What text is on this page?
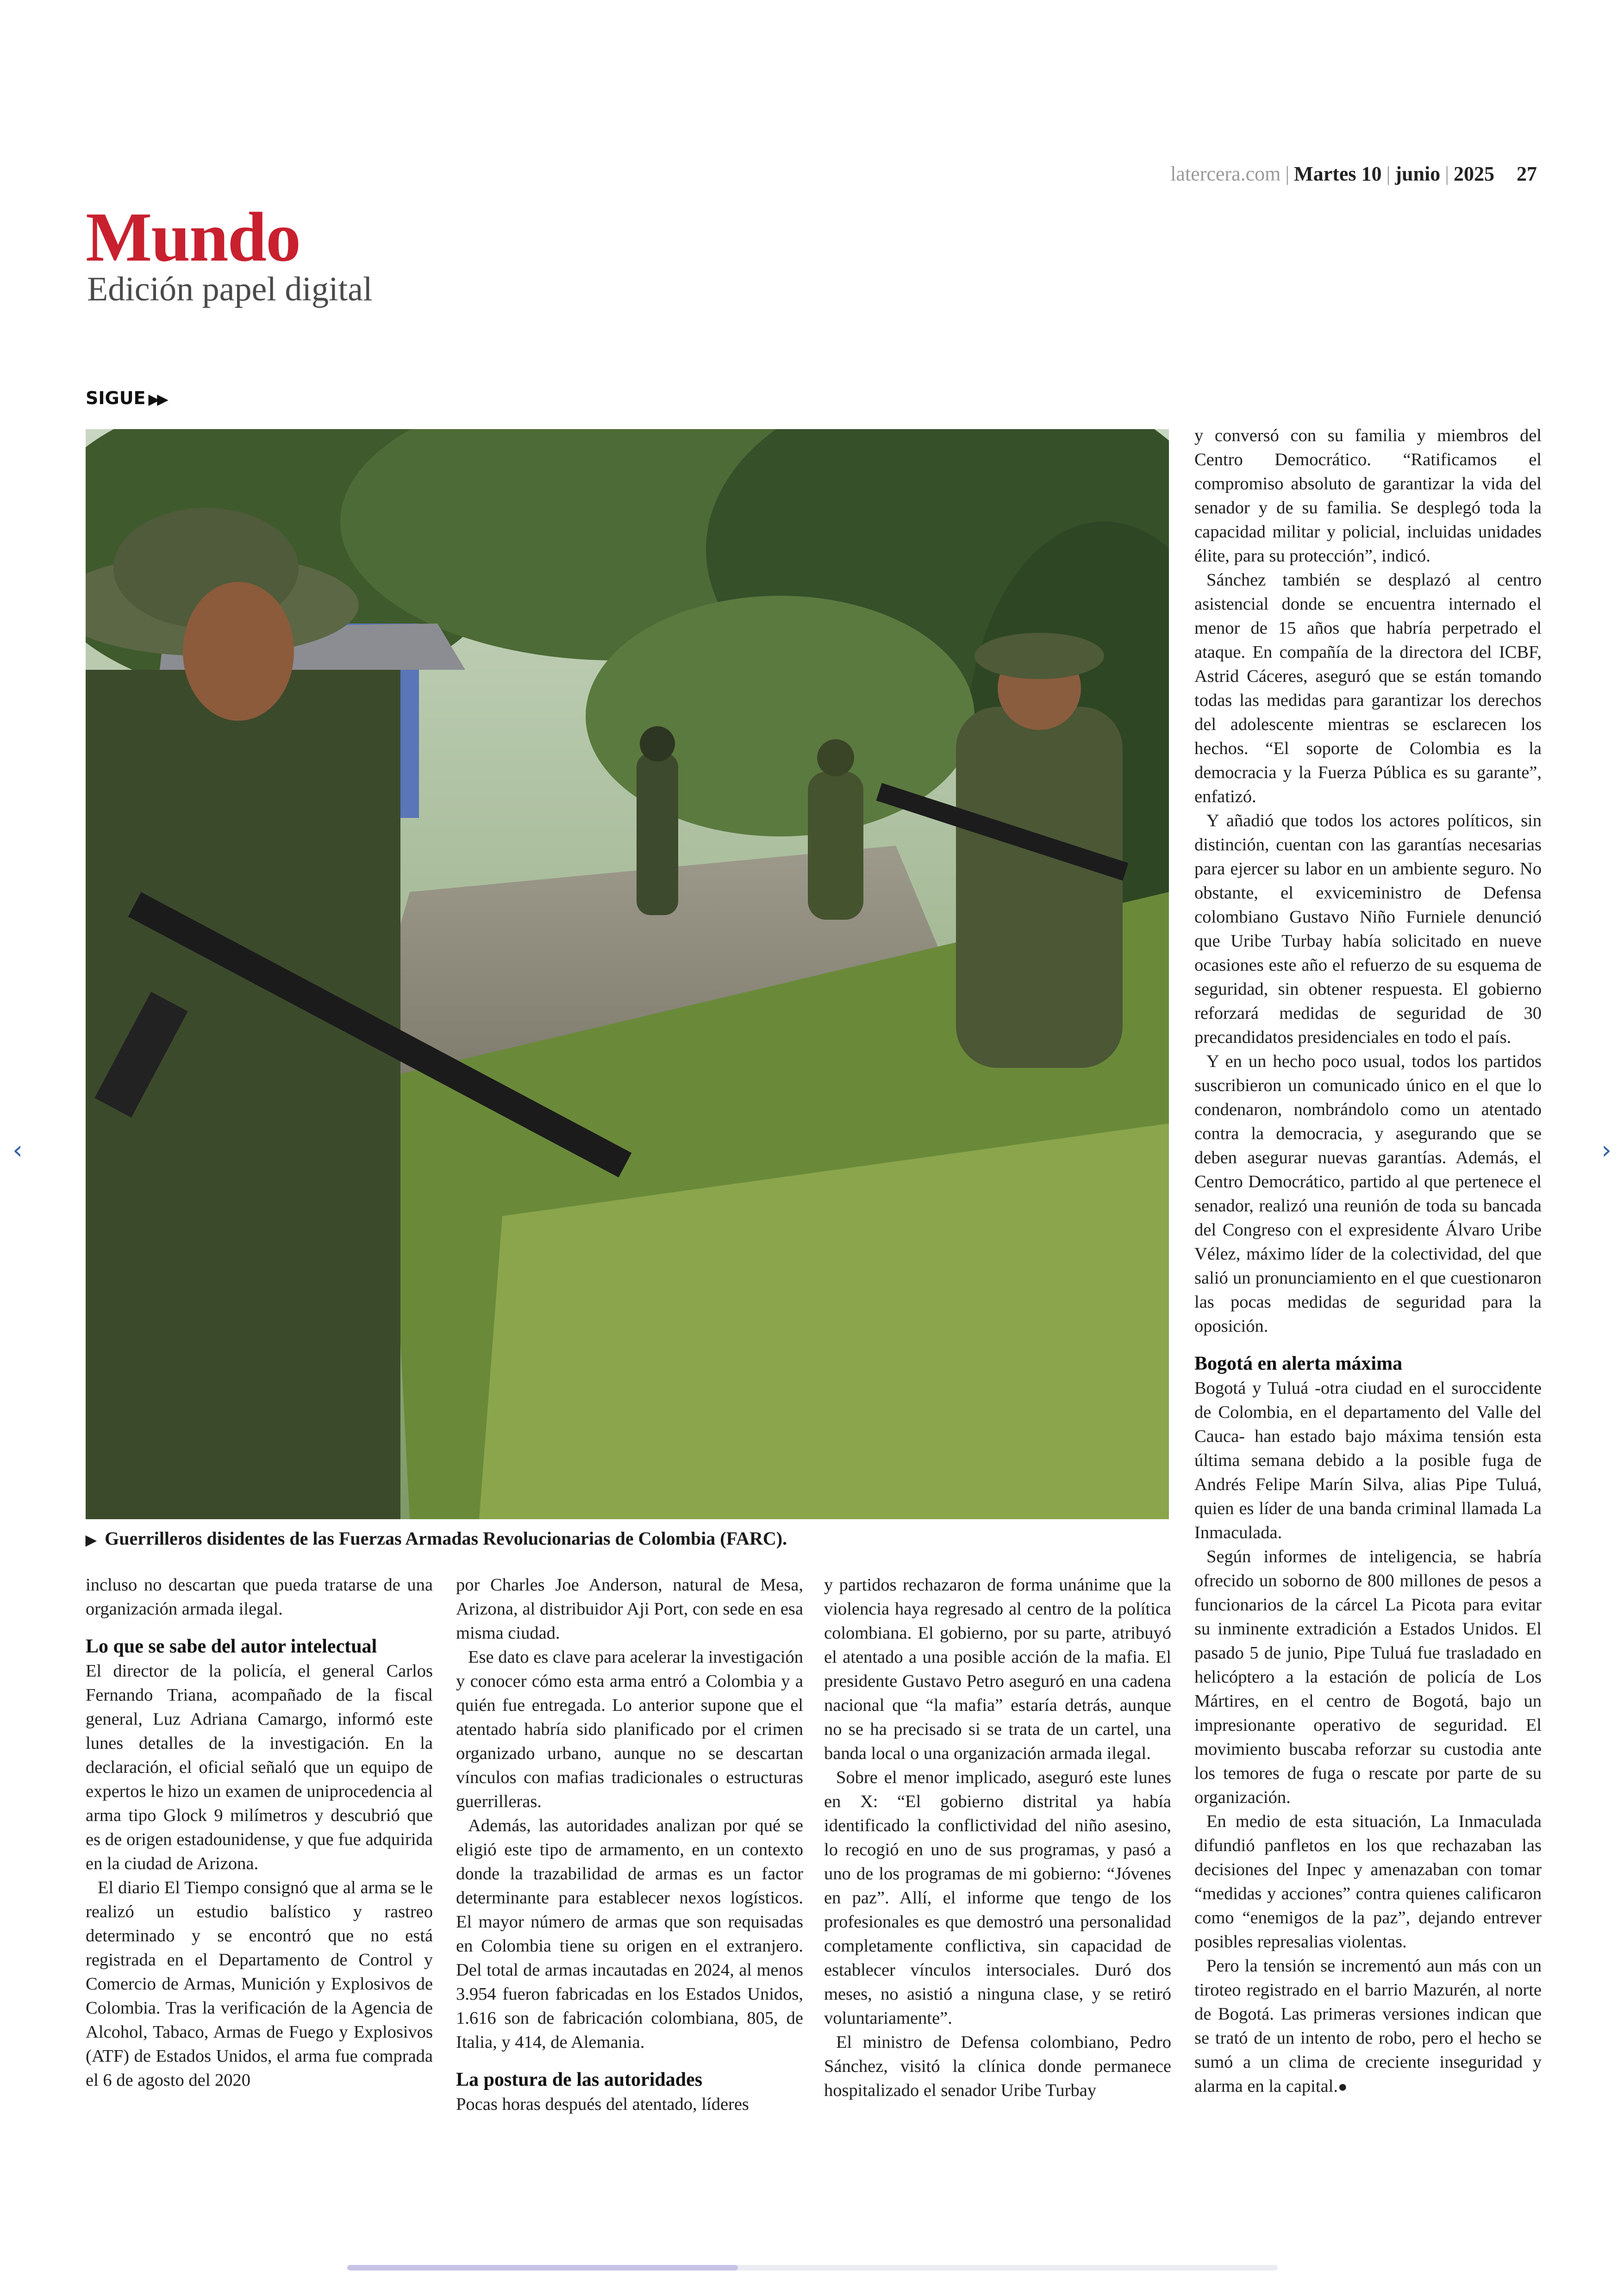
latercera.com | Martes 10 | junio | 2025 27
Mundo
Edición papel digital
SIGUE ▶▶
▶ Guerrilleros disidentes de las Fuerzas Armadas Revolucionarias de Colombia (FARC).

incluso no descartan que pueda tratarse de una organización armada ilegal.

Lo que se sabe del autor intelectual

El director de la policía, el general Carlos Fernando Triana, acompañado de la fiscal general, Luz Adriana Camargo, informó este lunes detalles de la investigación. En la declaración, el oficial señaló que un equipo de expertos le hizo un examen de uniprocedencia al arma tipo Glock 9 milímetros y descubrió que es de origen estadounidense, y que fue adquirida en la ciudad de Arizona.

El diario El Tiempo consignó que al arma se le realizó un estudio balístico y rastreo determinado y se encontró que no está registrada en el Departamento de Control y Comercio de Armas, Munición y Explosivos de Colombia. Tras la verificación de la Agencia de Alcohol, Tabaco, Armas de Fuego y Explosivos (ATF) de Estados Unidos, el arma fue comprada el 6 de agosto del 2020

por Charles Joe Anderson, natural de Mesa, Arizona, al distribuidor Aji Port, con sede en esa misma ciudad.

Ese dato es clave para acelerar la investigación y conocer cómo esta arma entró a Colombia y a quién fue entregada. Lo anterior supone que el atentado habría sido planificado por el crimen organizado urbano, aunque no se descartan vínculos con mafias tradicionales o estructuras guerrilleras.

Además, las autoridades analizan por qué se eligió este tipo de armamento, en un contexto donde la trazabilidad de armas es un factor determinante para establecer nexos logísticos. El mayor número de armas que son requisadas en Colombia tiene su origen en el extranjero. Del total de armas incautadas en 2024, al menos 3.954 fueron fabricadas en los Estados Unidos, 1.616 son de fabricación colombiana, 805, de Italia, y 414, de Alemania.

La postura de las autoridades

Pocas horas después del atentado, líderes

y partidos rechazaron de forma unánime que la violencia haya regresado al centro de la política colombiana. El gobierno, por su parte, atribuyó el atentado a una posible acción de la mafia. El presidente Gustavo Petro aseguró en una cadena nacional que “la mafia” estaría detrás, aunque no se ha precisado si se trata de un cartel, una banda local o una organización armada ilegal.

Sobre el menor implicado, aseguró este lunes en X: “El gobierno distrital ya había identificado la conflictividad del niño asesino, lo recogió en uno de sus programas, y pasó a uno de los programas de mi gobierno: “Jóvenes en paz”. Allí, el informe que tengo de los profesionales es que demostró una personalidad completamente conflictiva, sin capacidad de establecer vínculos intersociales. Duró dos meses, no asistió a ninguna clase, y se retiró voluntariamente”.

El ministro de Defensa colombiano, Pedro Sánchez, visitó la clínica donde permanece hospitalizado el senador Uribe Turbay

y conversó con su familia y miembros del Centro Democrático. “Ratificamos el compromiso absoluto de garantizar la vida del senador y de su familia. Se desplegó toda la capacidad militar y policial, incluidas unidades élite, para su protección”, indicó.

Sánchez también se desplazó al centro asistencial donde se encuentra internado el menor de 15 años que habría perpetrado el ataque. En compañía de la directora del ICBF, Astrid Cáceres, aseguró que se están tomando todas las medidas para garantizar los derechos del adolescente mientras se esclarecen los hechos. “El soporte de Colombia es la democracia y la Fuerza Pública es su garante”, enfatizó.

Y añadió que todos los actores políticos, sin distinción, cuentan con las garantías necesarias para ejercer su labor en un ambiente seguro. No obstante, el exviceministro de Defensa colombiano Gustavo Niño Furniele denunció que Uribe Turbay había solicitado en nueve ocasiones este año el refuerzo de su esquema de seguridad, sin obtener respuesta. El gobierno reforzará medidas de seguridad de 30 precandidatos presidenciales en todo el país.

Y en un hecho poco usual, todos los partidos suscribieron un comunicado único en el que lo condenaron, nombrándolo como un atentado contra la democracia, y asegurando que se deben asegurar nuevas garantías. Además, el Centro Democrático, partido al que pertenece el senador, realizó una reunión de toda su bancada del Congreso con el expresidente Álvaro Uribe Vélez, máximo líder de la colectividad, del que salió un pronunciamiento en el que cuestionaron las pocas medidas de seguridad para la oposición.

Bogotá en alerta máxima

Bogotá y Tuluá -otra ciudad en el suroccidente de Colombia, en el departamento del Valle del Cauca- han estado bajo máxima tensión esta última semana debido a la posible fuga de Andrés Felipe Marín Silva, alias Pipe Tuluá, quien es líder de una banda criminal llamada La Inmaculada.

Según informes de inteligencia, se habría ofrecido un soborno de 800 millones de pesos a funcionarios de la cárcel La Picota para evitar su inminente extradición a Estados Unidos. El pasado 5 de junio, Pipe Tuluá fue trasladado en helicóptero a la estación de policía de Los Mártires, en el centro de Bogotá, bajo un impresionante operativo de seguridad. El movimiento buscaba reforzar su custodia ante los temores de fuga o rescate por parte de su organización.

En medio de esta situación, La Inmaculada difundió panfletos en los que rechazaban las decisiones del Inpec y amenazaban con tomar “medidas y acciones” contra quienes calificaron como “enemigos de la paz”, dejando entrever posibles represalias violentas.

Pero la tensión se incrementó aun más con un tiroteo registrado en el barrio Mazurén, al norte de Bogotá. Las primeras versiones indican que se trató de un intento de robo, pero el hecho se sumó a un clima de creciente inseguridad y alarma en la capital.●

‹	›
